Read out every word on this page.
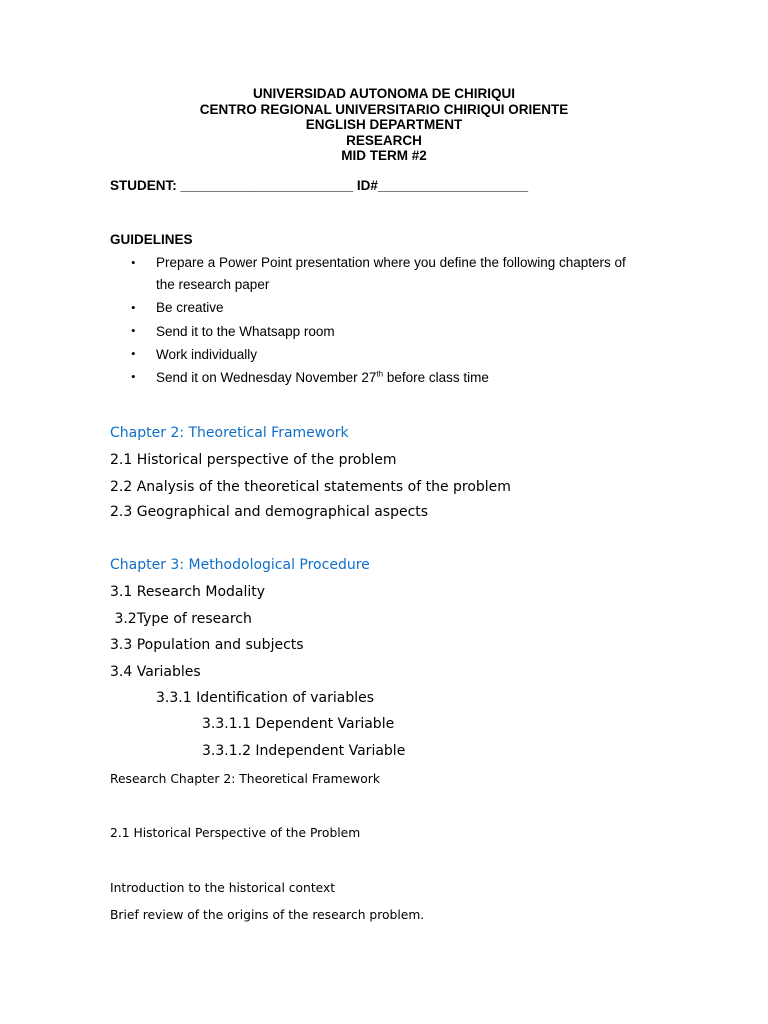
UNIVERSIDAD AUTONOMA DE CHIRIQUI
CENTRO REGIONAL UNIVERSITARIO CHIRIQUI ORIENTE
ENGLISH DEPARTMENT
RESEARCH
MID TERM #2
STUDENT: _______________________ ID#____________________
GUIDELINES
• Prepare a Power Point presentation where you define the following chapters of
the research paper
• Be creative
• Send it to the Whatsapp room
• Work individually
• Send it on Wednesday November 27th before class time
Chapter 2: Theoretical Framework
2.1 Historical perspective of the problem
2.2 Analysis of the theoretical statements of the problem
2.3 Geographical and demographical aspects
Chapter 3: Methodological Procedure
3.1 Research Modality
3.2Type of research
3.3 Population and subjects
3.4 Variables
3.3.1 Identification of variables
3.3.1.1 Dependent Variable
3.3.1.2 Independent Variable
Research Chapter 2: Theoretical Framework
2.1 Historical Perspective of the Problem
Introduction to the historical context
Brief review of the origins of the research problem.
